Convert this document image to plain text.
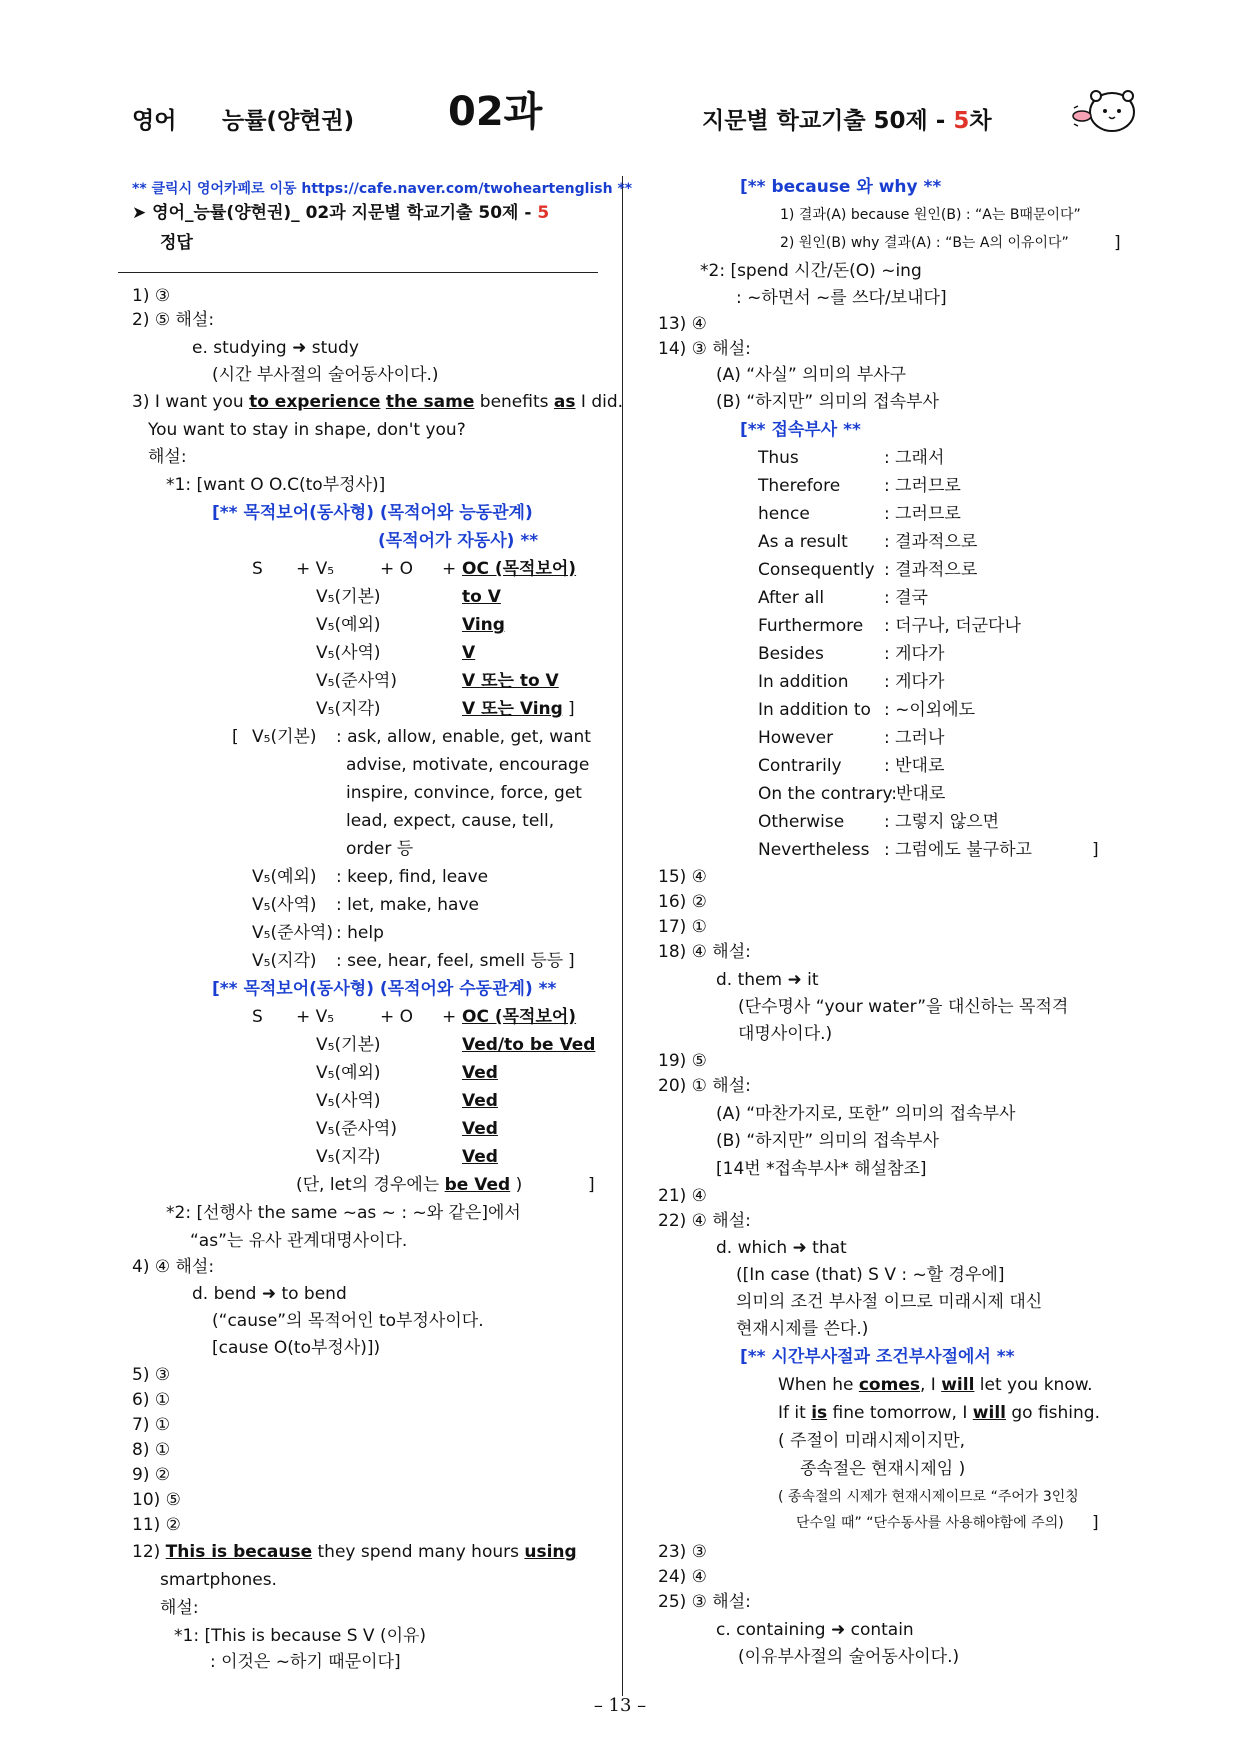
영어 능률(양현권) 02과	지문별 학교기출 50제 - 5차
** 클릭시 영어카페로 이동 https://cafe.naver.com/twoheartenglish **
➤ 영어_능률(양현권)_ 02과 지문별 학교기출 50제 - 5
정답
1) ③
2) ⑤ 해설:
e. studying ➜ study
(시간 부사절의 술어동사이다.)
3) I want you to experience the same benefits as I did.
You want to stay in shape, don't you?
해설:
*1: [want O O.C(to부정사)]
[** 목적보어(동사형) (목적어와 능동관계)
(목적어가 자동사) **
S + V₅	+ O + OC (목적보어)
V₅(기본)	to V
V₅(예외)	Ving
V₅(사역)	V
V₅(준사역)	V 또는 to V
V₅(지각)	V 또는 Ving ]
[ V₅(기본) : ask, allow, enable, get, want
advise, motivate, encourage
inspire, convince, force, get
lead, expect, cause, tell,
order 등
V₅(예외) : keep, find, leave
V₅(사역) : let, make, have
V₅(준사역) : help
V₅(지각) : see, hear, feel, smell 등등 ]
[** 목적보어(동사형) (목적어와 수동관계) **
S + V₅	+ O + OC (목적보어)
V₅(기본)	Ved/to be Ved
V₅(예외)	Ved
V₅(사역)	Ved
V₅(준사역)	Ved
V₅(지각)	Ved
(단, let의 경우에는 be Ved )	]
*2: [선행사 the same ~as ~ : ~와 같은]에서
“as”는 유사 관계대명사이다.
4) ④ 해설:
d. bend ➜ to bend
(“cause”의 목적어인 to부정사이다.
[cause O(to부정사)])
5) ③
6) ①
7) ①
8) ①
9) ②
10) ⑤
11) ②
12) This is because they spend many hours using
smartphones.
해설:
*1: [This is because S V (이유)
: 이것은 ~하기 때문이다]
[** because 와 why **
1) 결과(A) because 원인(B) : “A는 B때문이다”
2) 원인(B) why 결과(A) : “B는 A의 이유이다”	]
*2: [spend 시간/돈(O) ~ing
: ~하면서 ~를 쓰다/보내다]
13) ④
14) ③ 해설:
(A) “사실” 의미의 부사구
(B) “하지만” 의미의 접속부사
[** 접속부사 **
Thus	: 그래서
Therefore	: 그러므로
hence	: 그러므로
As a result : 결과적으로
Consequently : 결과적으로
After all	: 결국
Furthermore : 더구나, 더군다나
Besides	: 게다가
In addition : 게다가
In addition to : ~이외에도
However	: 그러나
Contrarily : 반대로
On the contrary: 반대로
Otherwise : 그렇지 않으면
Nevertheless : 그럼에도 불구하고	]
15) ④
16) ②
17) ①
18) ④ 해설:
d. them ➜ it
(단수명사 “your water”을 대신하는 목적격
대명사이다.)
19) ⑤
20) ① 해설:
(A) “마찬가지로, 또한” 의미의 접속부사
(B) “하지만” 의미의 접속부사
[14번 *접속부사* 해설참조]
21) ④
22) ④ 해설:
d. which ➜ that
([In case (that) S V : ~할 경우에]
의미의 조건 부사절 이므로 미래시제 대신
현재시제를 쓴다.)
[** 시간부사절과 조건부사절에서 **
When he comes, I will let you know.
If it is fine tomorrow, I will go fishing.
( 주절이 미래시제이지만,
종속절은 현재시제임 )
( 종속절의 시제가 현재시제이므로 “주어가 3인칭
단수일 때” “단수동사를 사용해야함에 주의) ]
23) ③
24) ④
25) ③ 해설:
c. containing ➜ contain
(이유부사절의 술어동사이다.)
– 13 –
